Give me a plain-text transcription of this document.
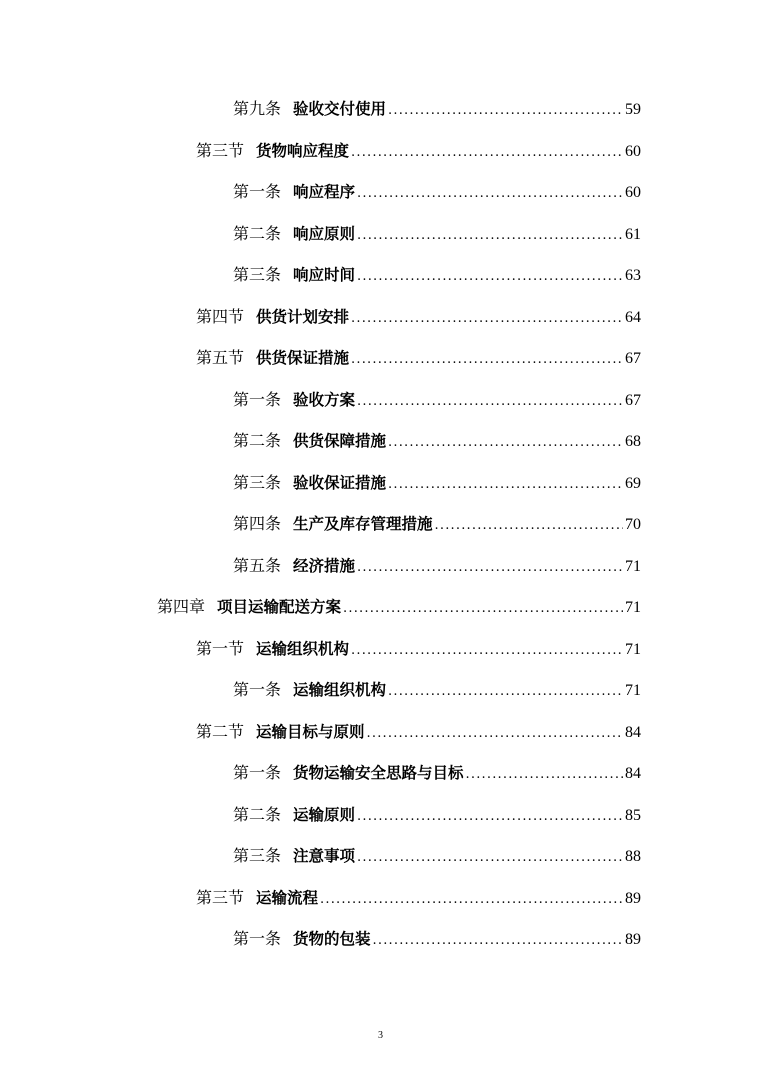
第九条 验收交付使用 .....	59
第三节 货物响应程度 .....	60
第一条 响应程序 .....	60
第二条 响应原则 .....	61
第三条 响应时间 .....	63
第四节 供货计划安排 .....	64
第五节 供货保证措施 .....	67
第一条 验收方案 .....	67
第二条 供货保障措施 .....	68
第三条 验收保证措施 .....	69
第四条 生产及库存管理措施 .....	70
第五条 经济措施 .....	71
第四章 项目运输配送方案 .....	71
第一节 运输组织机构 .....	71
第一条 运输组织机构 .....	71
第二节 运输目标与原则 .....	84
第一条 货物运输安全思路与目标 .....	84
第二条 运输原则 .....	85
第三条 注意事项 .....	88
第三节 运输流程 .....	89
第一条 货物的包装 .....	89
3
